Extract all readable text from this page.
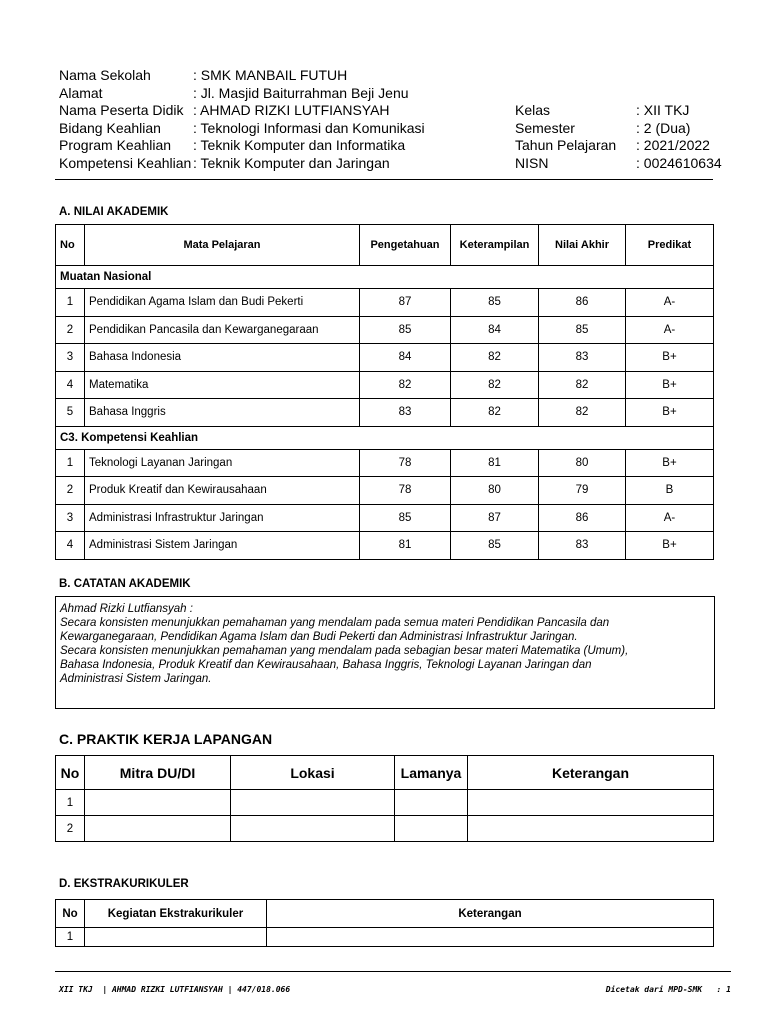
Nama Sekolah	: SMK MANBAIL FUTUH
Alamat	: Jl. Masjid Baiturrahman Beji Jenu
Nama Peserta Didik : AHMAD RIZKI LUTFIANSYAH
Bidang Keahlian	: Teknologi Informasi dan Komunikasi
Program Keahlian	: Teknik Komputer dan Informatika
Kompetensi Keahlian : Teknik Komputer dan Jaringan
Kelas	: XII TKJ
Semester	: 2 (Dua)
Tahun Pelajaran	: 2021/2022
NISN	: 0024610634
A. NILAI AKADEMIK
No	Mata Pelajaran	Pengetahuan	Keterampilan	Nilai Akhir	Predikat
Muatan Nasional					
1	Pendidikan Agama Islam dan Budi Pekerti	87	85	86	A-
2	Pendidikan Pancasila dan Kewarganegaraan	85	84	85	A-
3	Bahasa Indonesia	84	82	83	B+
4	Matematika	82	82	82	B+
5	Bahasa Inggris	83	82	82	B+
C3. Kompetensi Keahlian					
1	Teknologi Layanan Jaringan	78	81	80	B+
2	Produk Kreatif dan Kewirausahaan	78	80	79	B
3	Administrasi Infrastruktur Jaringan	85	87	86	A-
4	Administrasi Sistem Jaringan	81	85	83	B+
B. CATATAN AKADEMIK
Ahmad Rizki Lutfiansyah :
Secara konsisten menunjukkan pemahaman yang mendalam pada semua materi Pendidikan Pancasila dan
Kewarganegaraan, Pendidikan Agama Islam dan Budi Pekerti dan Administrasi Infrastruktur Jaringan.
Secara konsisten menunjukkan pemahaman yang mendalam pada sebagian besar materi Matematika (Umum),
Bahasa Indonesia, Produk Kreatif dan Kewirausahaan, Bahasa Inggris, Teknologi Layanan Jaringan dan
Administrasi Sistem Jaringan.
C. PRAKTIK KERJA LAPANGAN
No	Mitra DU/DI	Lokasi	Lamanya	Keterangan
1				
2				
D. EKSTRAKURIKULER
No	Kegiatan Ekstrakurikuler	Keterangan
1		
XII TKJ  | AHMAD RIZKI LUTFIANSYAH | 447/018.066	Dicetak dari MPD-SMK   : 1
